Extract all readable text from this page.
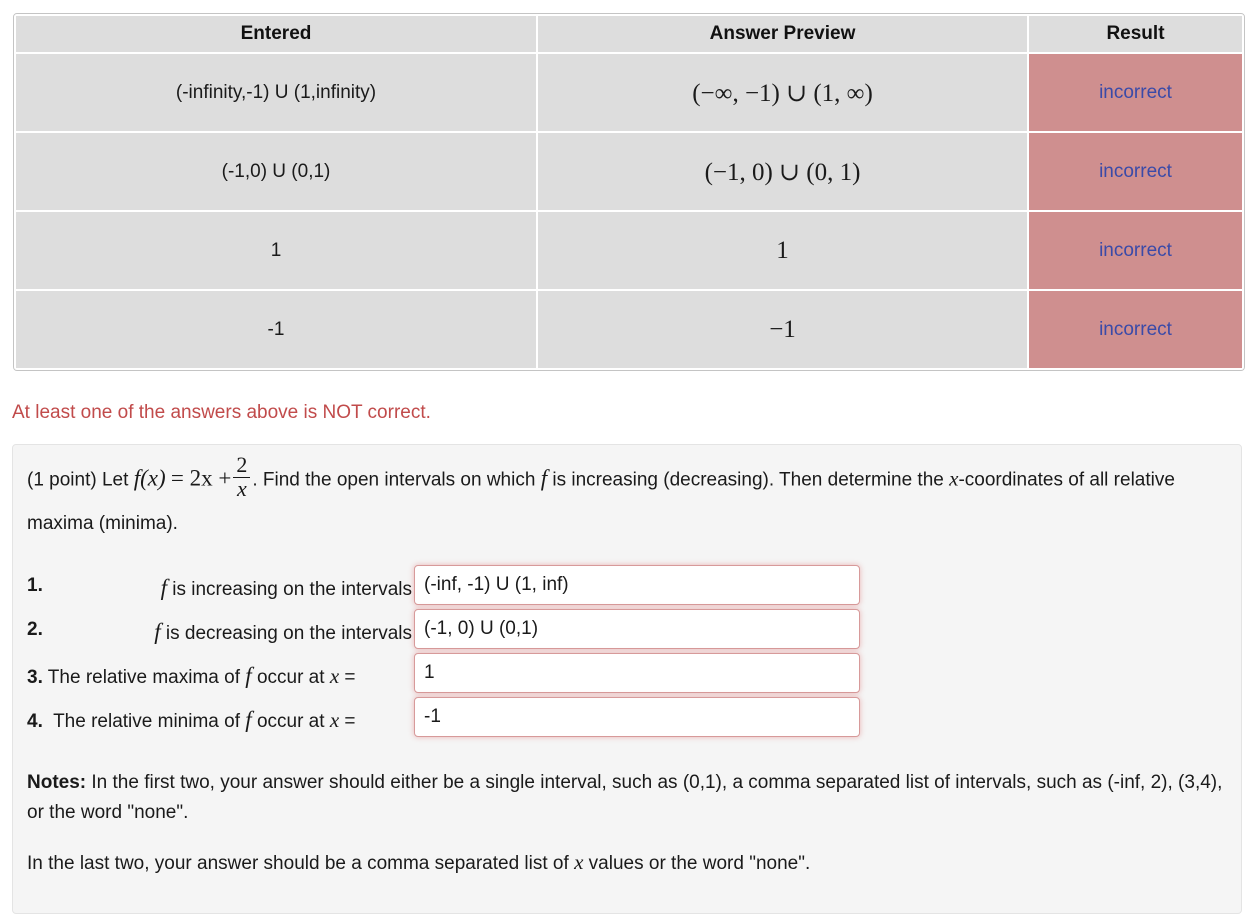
Entered	Answer Preview	Result
(-infinity,-1) U (1,infinity)	(−∞, −1) ∪ (1, ∞)	incorrect
(-1,0) U (0,1)	(−1, 0) ∪ (0, 1)	incorrect
1	1	incorrect
-1	−1	incorrect
At least one of the answers above is NOT correct.
(1 point) Let $f(x) = 2x + \frac{2}{x}$ . Find the open intervals on which f is increasing (decreasing). Then determine the x-coordinates of all relative maxima (minima).
1.	f is increasing on the intervals
(-inf, -1) U (1, inf)
2.	f is decreasing on the intervals
(-1, 0) U (0,1)
3. The relative maxima of f occur at x =
1
4. The relative minima of f occur at x =
-1
Notes: In the first two, your answer should either be a single interval, such as (0,1), a comma separated list of intervals, such as (-inf, 2), (3,4), or the word "none".
In the last two, your answer should be a comma separated list of x values or the word "none".
